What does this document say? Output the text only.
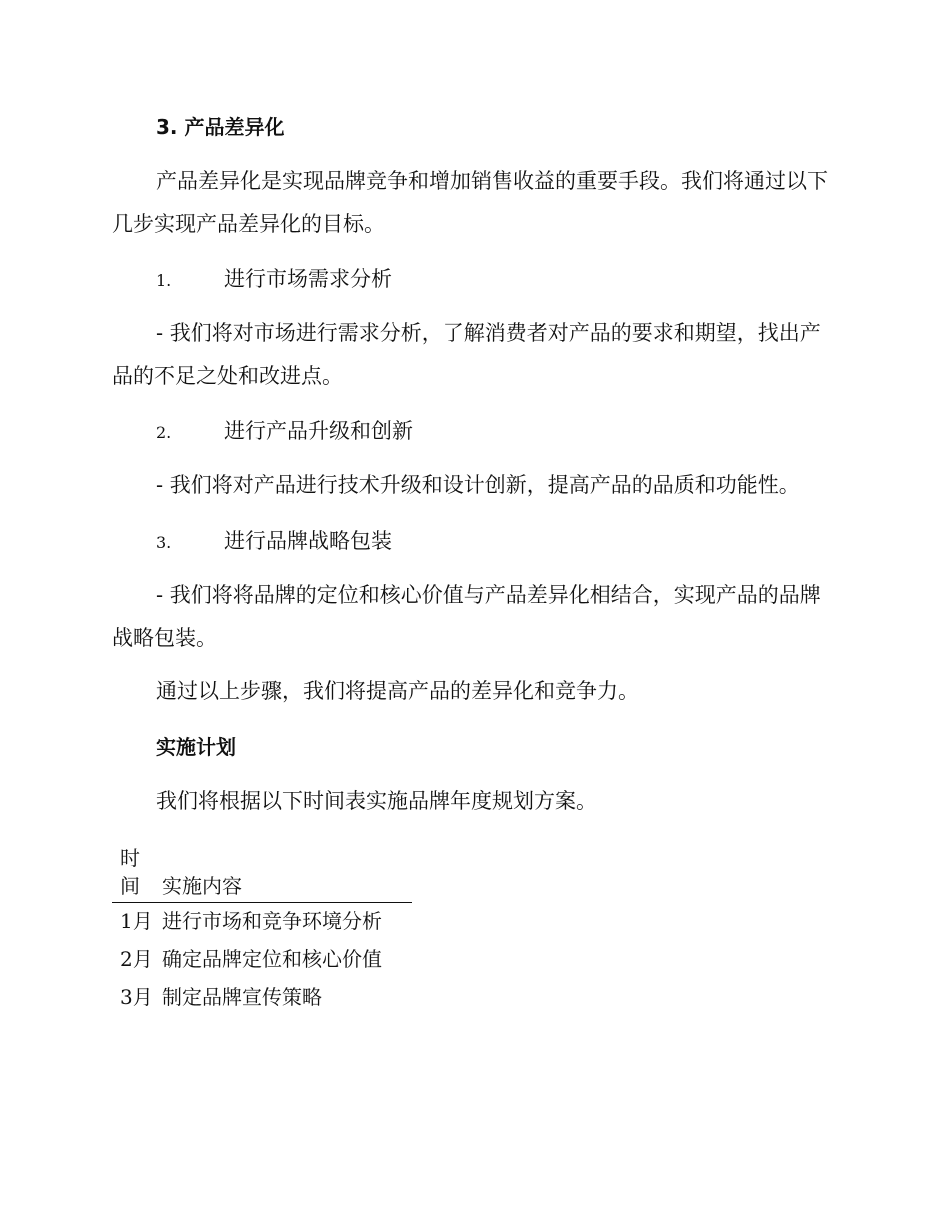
3. 产品差异化

产品差异化是实现品牌竞争和增加销售收益的重要手段。我们将通过以下几步实现产品差异化的目标。

1.	进行市场需求分析

- 我们将对市场进行需求分析，了解消费者对产品的要求和期望，找出产品的不足之处和改进点。

2.	进行产品升级和创新

- 我们将对产品进行技术升级和设计创新，提高产品的品质和功能性。

3.	进行品牌战略包装

- 我们将将品牌的定位和核心价值与产品差异化相结合，实现产品的品牌战略包装。

通过以上步骤，我们将提高产品的差异化和竞争力。

实施计划

我们将根据以下时间表实施品牌年度规划方案。

时间	实施内容
1月	进行市场和竞争环境分析
2月	确定品牌定位和核心价值
3月	制定品牌宣传策略
